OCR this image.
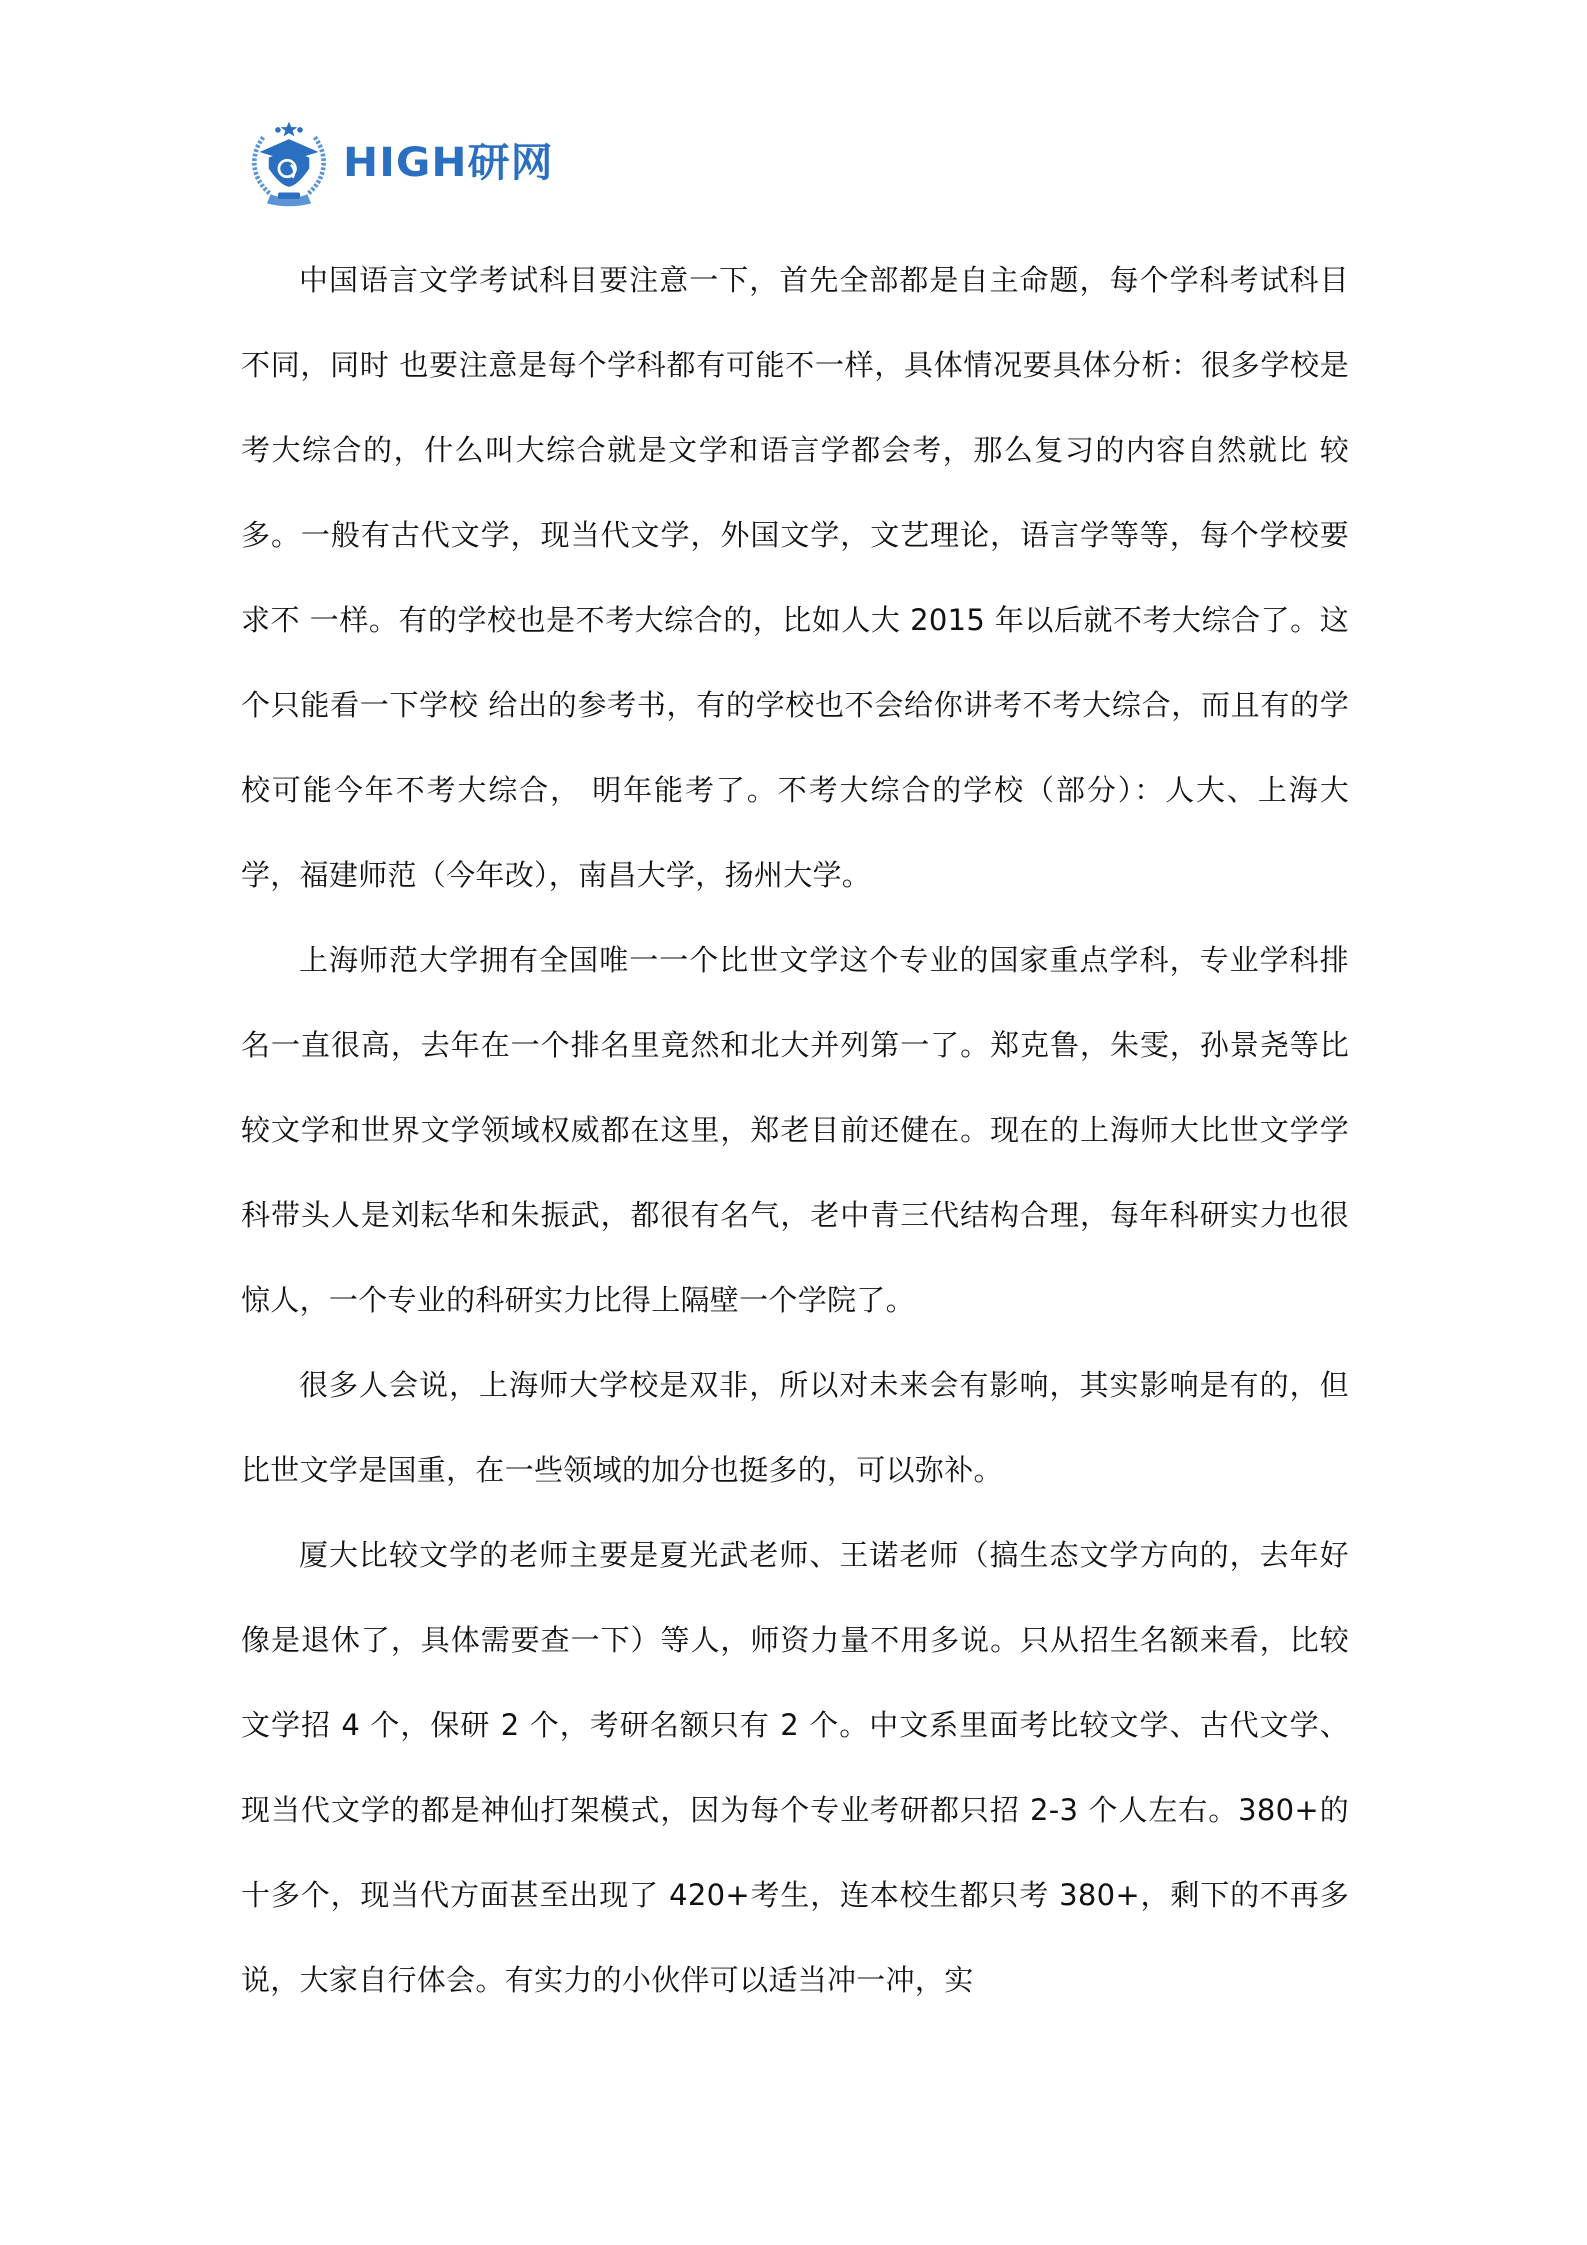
HIGH研网

中国语言文学考试科目要注意一下，首先全部都是自主命题，每个学科考试科目不同，同时 也要注意是每个学科都有可能不一样，具体情况要具体分析：很多学校是考大综合的，什么叫大综合就是文学和语言学都会考，那么复习的内容自然就比 较多。一般有古代文学，现当代文学，外国文学，文艺理论，语言学等等，每个学校要求不 一样。有的学校也是不考大综合的，比如人大 2015 年以后就不考大综合了。这个只能看一下学校 给出的参考书，有的学校也不会给你讲考不考大综合，而且有的学校可能今年不考大综合， 明年能考了。不考大综合的学校（部分）：人大、上海大学，福建师范（今年改），南昌大学，扬州大学。

上海师范大学拥有全国唯一一个比世文学这个专业的国家重点学科，专业学科排名一直很高，去年在一个排名里竟然和北大并列第一了。郑克鲁，朱雯，孙景尧等比较文学和世界文学领域权威都在这里，郑老目前还健在。现在的上海师大比世文学学科带头人是刘耘华和朱振武，都很有名气，老中青三代结构合理，每年科研实力也很惊人，一个专业的科研实力比得上隔壁一个学院了。

很多人会说，上海师大学校是双非，所以对未来会有影响，其实影响是有的，但比世文学是国重，在一些领域的加分也挺多的，可以弥补。

厦大比较文学的老师主要是夏光武老师、王诺老师（搞生态文学方向的，去年好像是退休了，具体需要查一下）等人，师资力量不用多说。只从招生名额来看，比较文学招 4 个，保研 2 个，考研名额只有 2 个。中文系里面考比较文学、古代文学、现当代文学的都是神仙打架模式，因为每个专业考研都只招 2-3 个人左右。380+的十多个，现当代方面甚至出现了 420+考生，连本校生都只考 380+，剩下的不再多说，大家自行体会。有实力的小伙伴可以适当冲一冲，实
